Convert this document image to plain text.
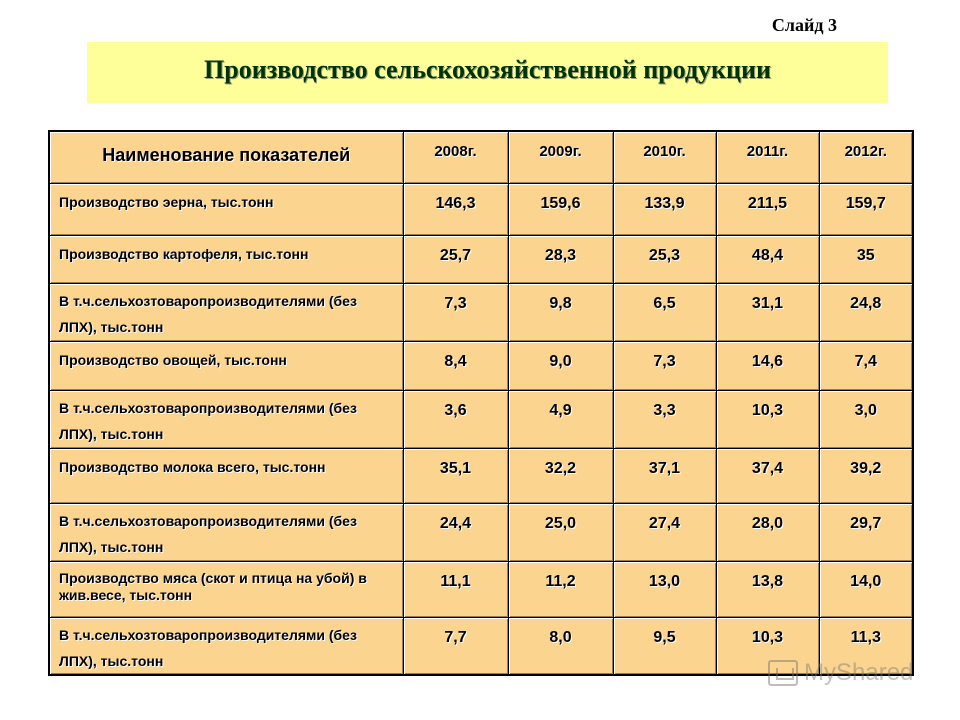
Слайд 3
Производство сельскохозяйственной продукции
Наименование показателей	2008г.	2009г.	2010г.	2011г.	2012г.
Производство эерна, тыс.тонн	146,3	159,6	133,9	211,5	159,7
Производство картофеля, тыс.тонн	25,7	28,3	25,3	48,4	35
В т.ч.сельхозтоваропроизводителями (без ЛПХ), тыс.тонн	7,3	9,8	6,5	31,1	24,8
Производство овощей, тыс.тонн	8,4	9,0	7,3	14,6	7,4
В т.ч.сельхозтоваропроизводителями (без ЛПХ), тыс.тонн	3,6	4,9	3,3	10,3	3,0
Производство молока всего, тыс.тонн	35,1	32,2	37,1	37,4	39,2
В т.ч.сельхозтоваропроизводителями (без ЛПХ), тыс.тонн	24,4	25,0	27,4	28,0	29,7
Производство мяса (скот и птица на убой) в жив.весе, тыс.тонн	11,1	11,2	13,0	13,8	14,0
В т.ч.сельхозтоваропроизводителями (без ЛПХ), тыс.тонн	7,7	8,0	9,5	10,3	11,3
MyShared
